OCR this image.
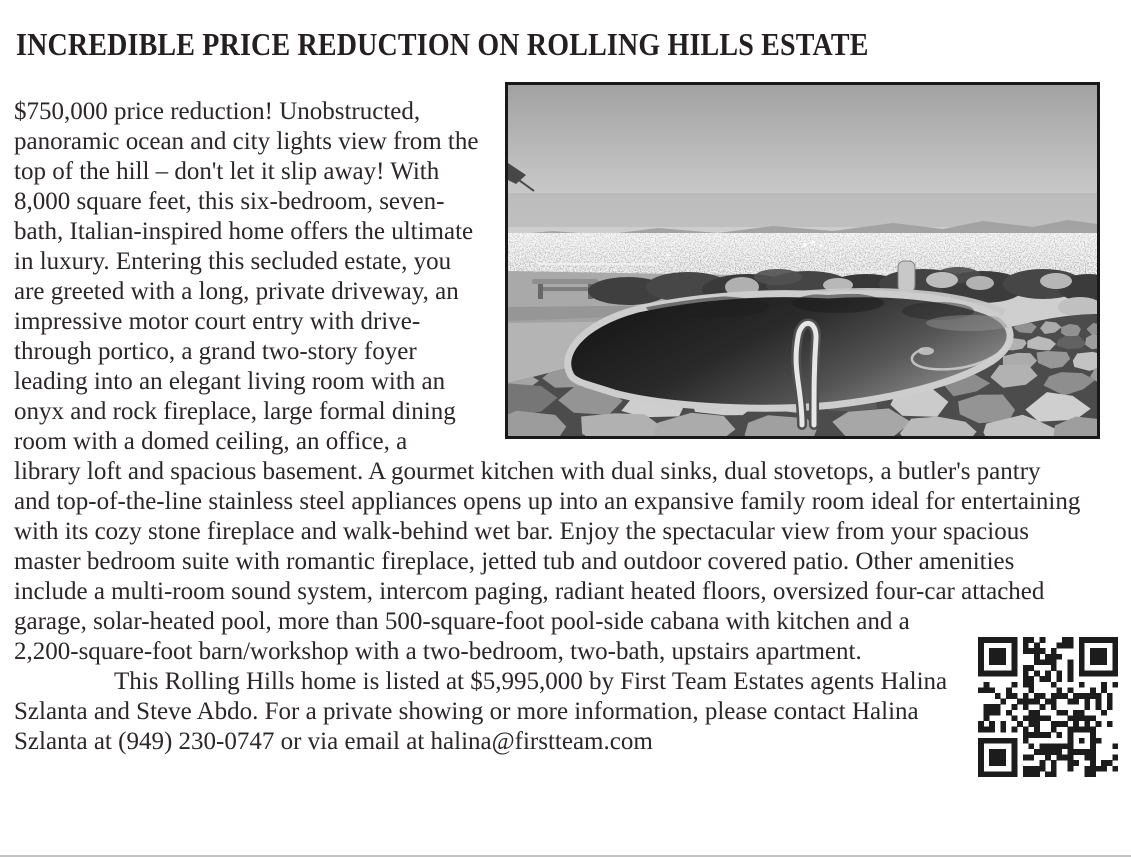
INCREDIBLE PRICE REDUCTION ON ROLLING HILLS ESTATE

$750,000 price reduction! Unobstructed, panoramic ocean and city lights view from the top of the hill – don't let it slip away! With 8,000 square feet, this six-bedroom, seven-bath, Italian-inspired home offers the ultimate in luxury. Entering this secluded estate, you are greeted with a long, private driveway, an impressive motor court entry with drive-through portico, a grand two-story foyer leading into an elegant living room with an onyx and rock fireplace, large formal dining room with a domed ceiling, an office, a library loft and spacious basement. A gourmet kitchen with dual sinks, dual stovetops, a butler's pantry and top-of-the-line stainless steel appliances opens up into an expansive family room ideal for entertaining with its cozy stone fireplace and walk-behind wet bar. Enjoy the spectacular view from your spacious master bedroom suite with romantic fireplace, jetted tub and outdoor covered patio. Other amenities include a multi-room sound system, intercom paging, radiant heated floors, oversized four-car attached
garage, solar-heated pool, more than 500-square-foot pool-side cabana with kitchen and a 2,200-square-foot barn/workshop with a two-bedroom, two-bath, upstairs apartment.

This Rolling Hills home is listed at $5,995,000 by First Team Estates agents Halina Szlanta and Steve Abdo. For a private showing or more information, please contact Halina Szlanta at (949) 230-0747 or via email at halina@firstteam.com
